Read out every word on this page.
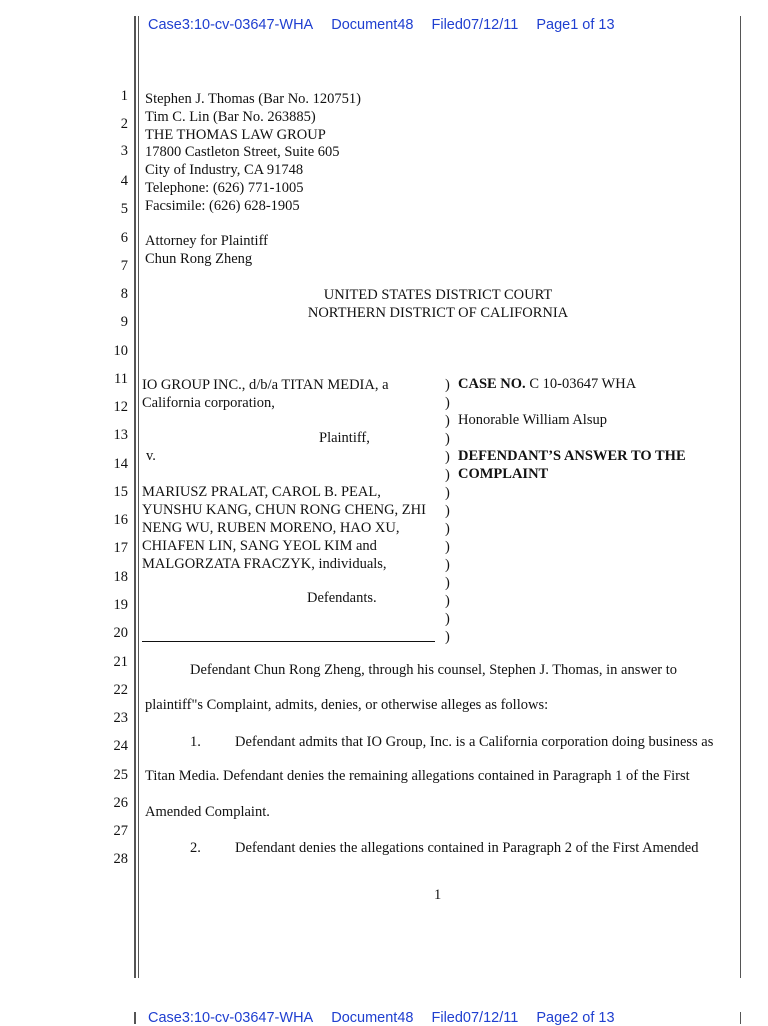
Case3:10-cv-03647-WHA Document48 Filed07/12/11 Page1 of 13
1
2
3
4
5
6
7
8
9
10
11
12
13
14
15
16
17
18
19
20
21
22
23
24
25
26
27
28
Stephen J. Thomas (Bar No. 120751)
Tim C. Lin (Bar No. 263885)
THE THOMAS LAW GROUP
17800 Castleton Street, Suite 605
City of Industry, CA 91748
Telephone: (626) 771-1005
Facsimile: (626) 628-1905
Attorney for Plaintiff
Chun Rong Zheng
UNITED STATES DISTRICT COURT
NORTHERN DISTRICT OF CALIFORNIA
IO GROUP INC., d/b/a TITAN MEDIA, a
California corporation,
Plaintiff,
v.
MARIUSZ PRALAT, CAROL B. PEAL,
YUNSHU KANG, CHUN RONG CHENG, ZHI
NENG WU, RUBEN MORENO, HAO XU,
CHIAFEN LIN, SANG YEOL KIM and
MALGORZATA FRACZYK, individuals,
Defendants.
)
)
)
)
)
)
)
)
)
)
)
)
)
)
)
CASE NO. C 10-03647 WHA
Honorable William Alsup
DEFENDANT’S ANSWER TO THE
COMPLAINT
Defendant Chun Rong Zheng, through his counsel, Stephen J. Thomas, in answer to
plaintiff"s Complaint, admits, denies, or otherwise alleges as follows:
1. Defendant admits that IO Group, Inc. is a California corporation doing business as
Titan Media. Defendant denies the remaining allegations contained in Paragraph 1 of the First
Amended Complaint.
2. Defendant denies the allegations contained in Paragraph 2 of the First Amended
1
Case3:10-cv-03647-WHA Document48 Filed07/12/11 Page2 of 13
